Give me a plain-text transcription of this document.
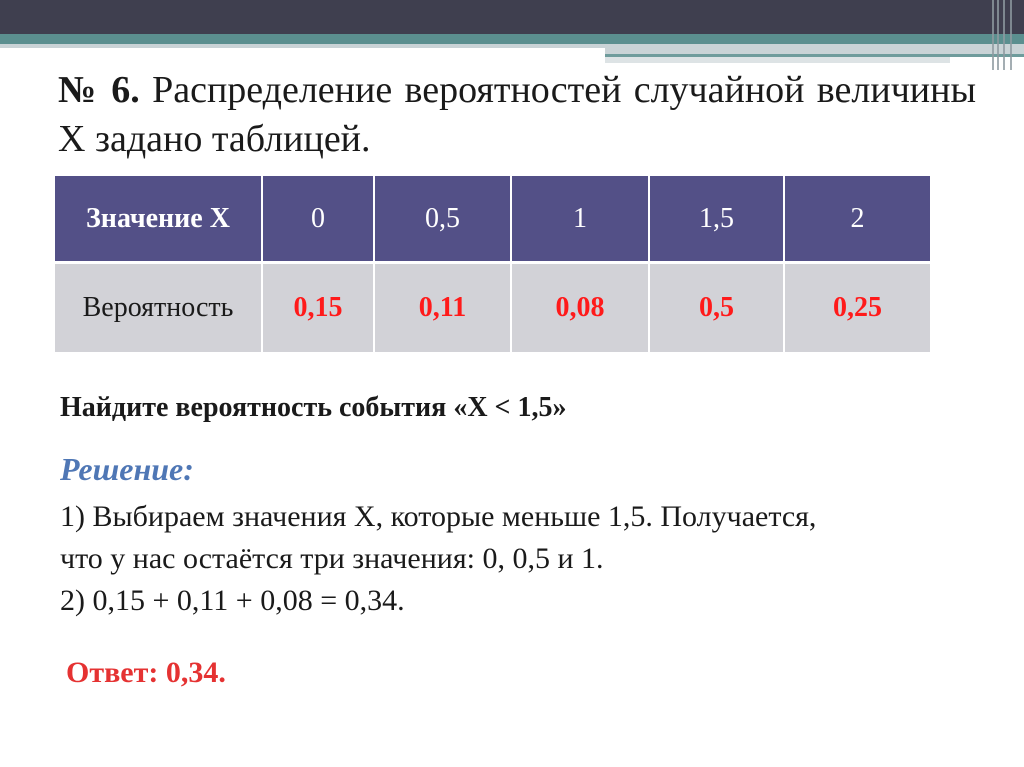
№ 6. Распределение вероятностей случайной величины Х задано таблицей.

Значение Х	0	0,5	1	1,5	2
Вероятность	0,15	0,11	0,08	0,5	0,25

Найдите вероятность события «Х < 1,5»

Решение:

1) Выбираем значения Х, которые меньше 1,5. Получается,
что у нас остаётся три значения: 0, 0,5 и 1.
2) 0,15 + 0,11 + 0,08 = 0,34.

Ответ: 0,34.
